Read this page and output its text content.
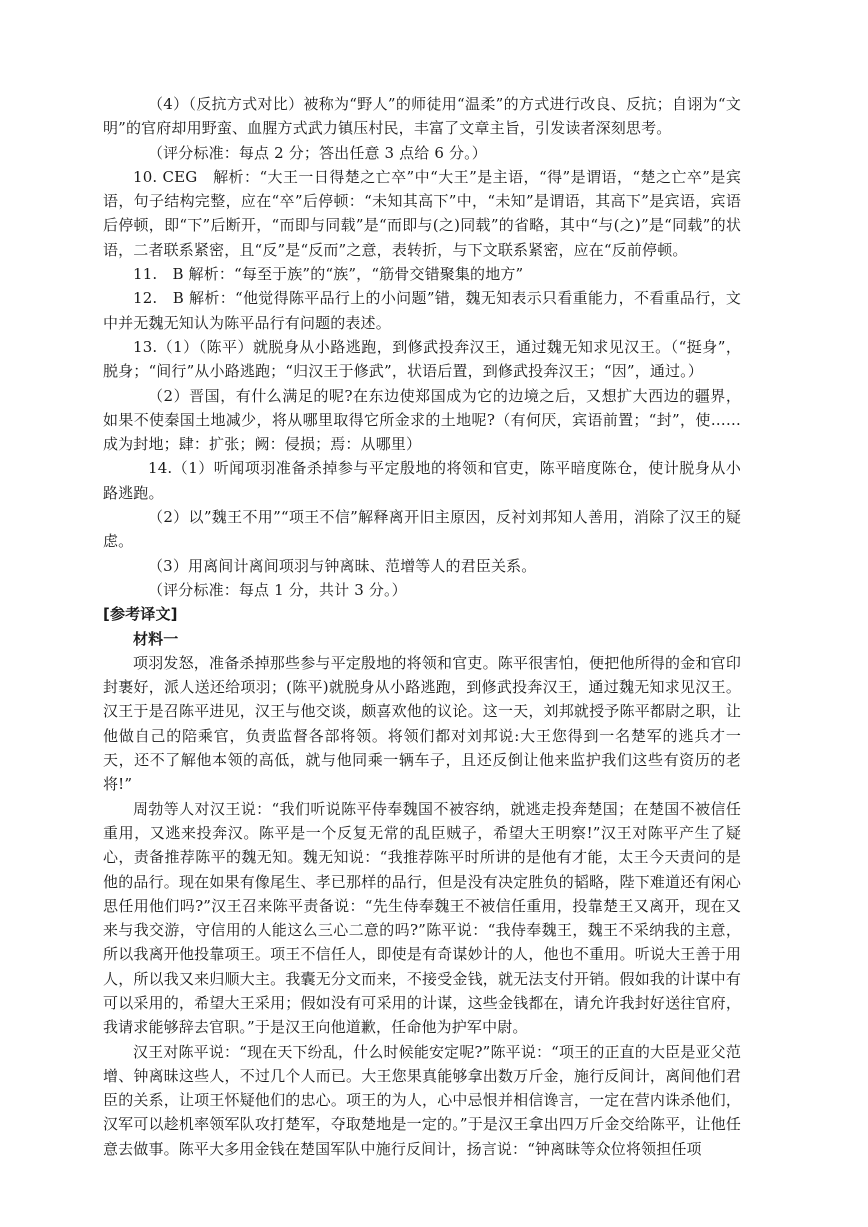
（4）（反抗方式对比）被称为“野人”的师徒用“温柔”的方式进行改良、反抗；自诩为“文明”的官府却用野蛮、血腥方式武力镇压村民，丰富了文章主旨，引发读者深刻思考。

（评分标准：每点 2 分；答出任意 3 点给 6 分。）

10. CEG　解析：“大王一日得楚之亡卒”中“大王”是主语，“得”是谓语，“楚之亡卒”是宾语，句子结构完整，应在“卒”后停顿：“未知其高下”中，“未知”是谓语，其高下”是宾语，宾语后停顿，即“下”后断开，“而即与同载”是“而即与(之)同载”的省略，其中“与(之)”是“同载”的状语，二者联系紧密，且“反”是“反而”之意，表转折，与下文联系紧密，应在“反前停顿。

11.　B 解析：“每至于族”的“族”，“筋骨交错聚集的地方”

12.　B 解析：“他觉得陈平品行上的小问题”错，魏无知表示只看重能力，不看重品行，文中并无魏无知认为陈平品行有问题的表述。

13.（1）（陈平）就脱身从小路逃跑，到修武投奔汉王，通过魏无知求见汉王。（“挺身”，脱身；“间行”从小路逃跑；“归汉王于修武”，状语后置，到修武投奔汉王；“因”，通过。）

（2）晋国，有什么满足的呢?在东边使郑国成为它的边境之后，又想扩大西边的疆界，如果不使秦国土地减少，将从哪里取得它所金求的土地呢?（有何厌，宾语前置；“封”，使……成为封地；肆：扩张；阙：侵损；焉：从哪里）

14.（1）听闻项羽准备杀掉参与平定殷地的将领和官吏，陈平暗度陈仓，使计脱身从小路逃跑。

（2）以”魏王不用”“项王不信”解释离开旧主原因，反衬刘邦知人善用，消除了汉王的疑虑。

（3）用离间计离间项羽与钟离昧、范增等人的君臣关系。

（评分标准：每点 1 分，共计 3 分。）

[参考译文]

材料一

项羽发怒，准备杀掉那些参与平定殷地的将领和官吏。陈平很害怕，便把他所得的金和官印封裹好，派人送还给项羽；(陈平)就脱身从小路逃跑，到修武投奔汉王，通过魏无知求见汉王。汉王于是召陈平进见，汉王与他交谈，颇喜欢他的议论。这一天，刘邦就授予陈平都尉之职，让他做自己的陪乘官，负责监督各部将领。将领们都对刘邦说:大王您得到一名楚军的逃兵才一天，还不了解他本领的高低，就与他同乘一辆车子，且还反倒让他来监护我们这些有资历的老将!”

周勃等人对汉王说：“我们听说陈平侍奉魏国不被容纳，就逃走投奔楚国；在楚国不被信任重用，又逃来投奔汉。陈平是一个反复无常的乱臣贼子，希望大王明察!”汉王对陈平产生了疑心，责备推荐陈平的魏无知。魏无知说：“我推荐陈平时所讲的是他有才能，太王今天责问的是他的品行。现在如果有像尾生、孝已那样的品行，但是没有决定胜负的韬略，陛下难道还有闲心思任用他们吗?”汉王召来陈平责备说：“先生侍奉魏王不被信任重用，投靠楚王又离开，现在又来与我交游，守信用的人能这么三心二意的吗?”陈平说：“我侍奉魏王，魏王不采纳我的主意，所以我离开他投靠项王。项王不信任人，即使是有奇谋妙计的人，他也不重用。听说大王善于用人，所以我又来归顺大主。我囊无分文而来，不接受金钱，就无法支付开销。假如我的计谋中有可以采用的，希望大王采用；假如没有可采用的计谋，这些金钱都在，请允许我封好送往官府，我请求能够辞去官职。”于是汉王向他道歉，任命他为护军中尉。

汉王对陈平说：“现在天下纷乱，什么时候能安定呢?”陈平说：“项王的正直的大臣是亚父范增、钟离昧这些人，不过几个人而已。大王您果真能够拿出数万斤金，施行反间计，离间他们君臣的关系，让项王怀疑他们的忠心。项王的为人，心中忌恨并相信谗言，一定在营内诛杀他们，汉军可以趁机率领军队攻打楚军，夺取楚地是一定的。”于是汉王拿出四万斤金交给陈平，让他任意去做事。陈平大多用金钱在楚国军队中施行反间计，扬言说：“钟离昧等众位将领担任项
